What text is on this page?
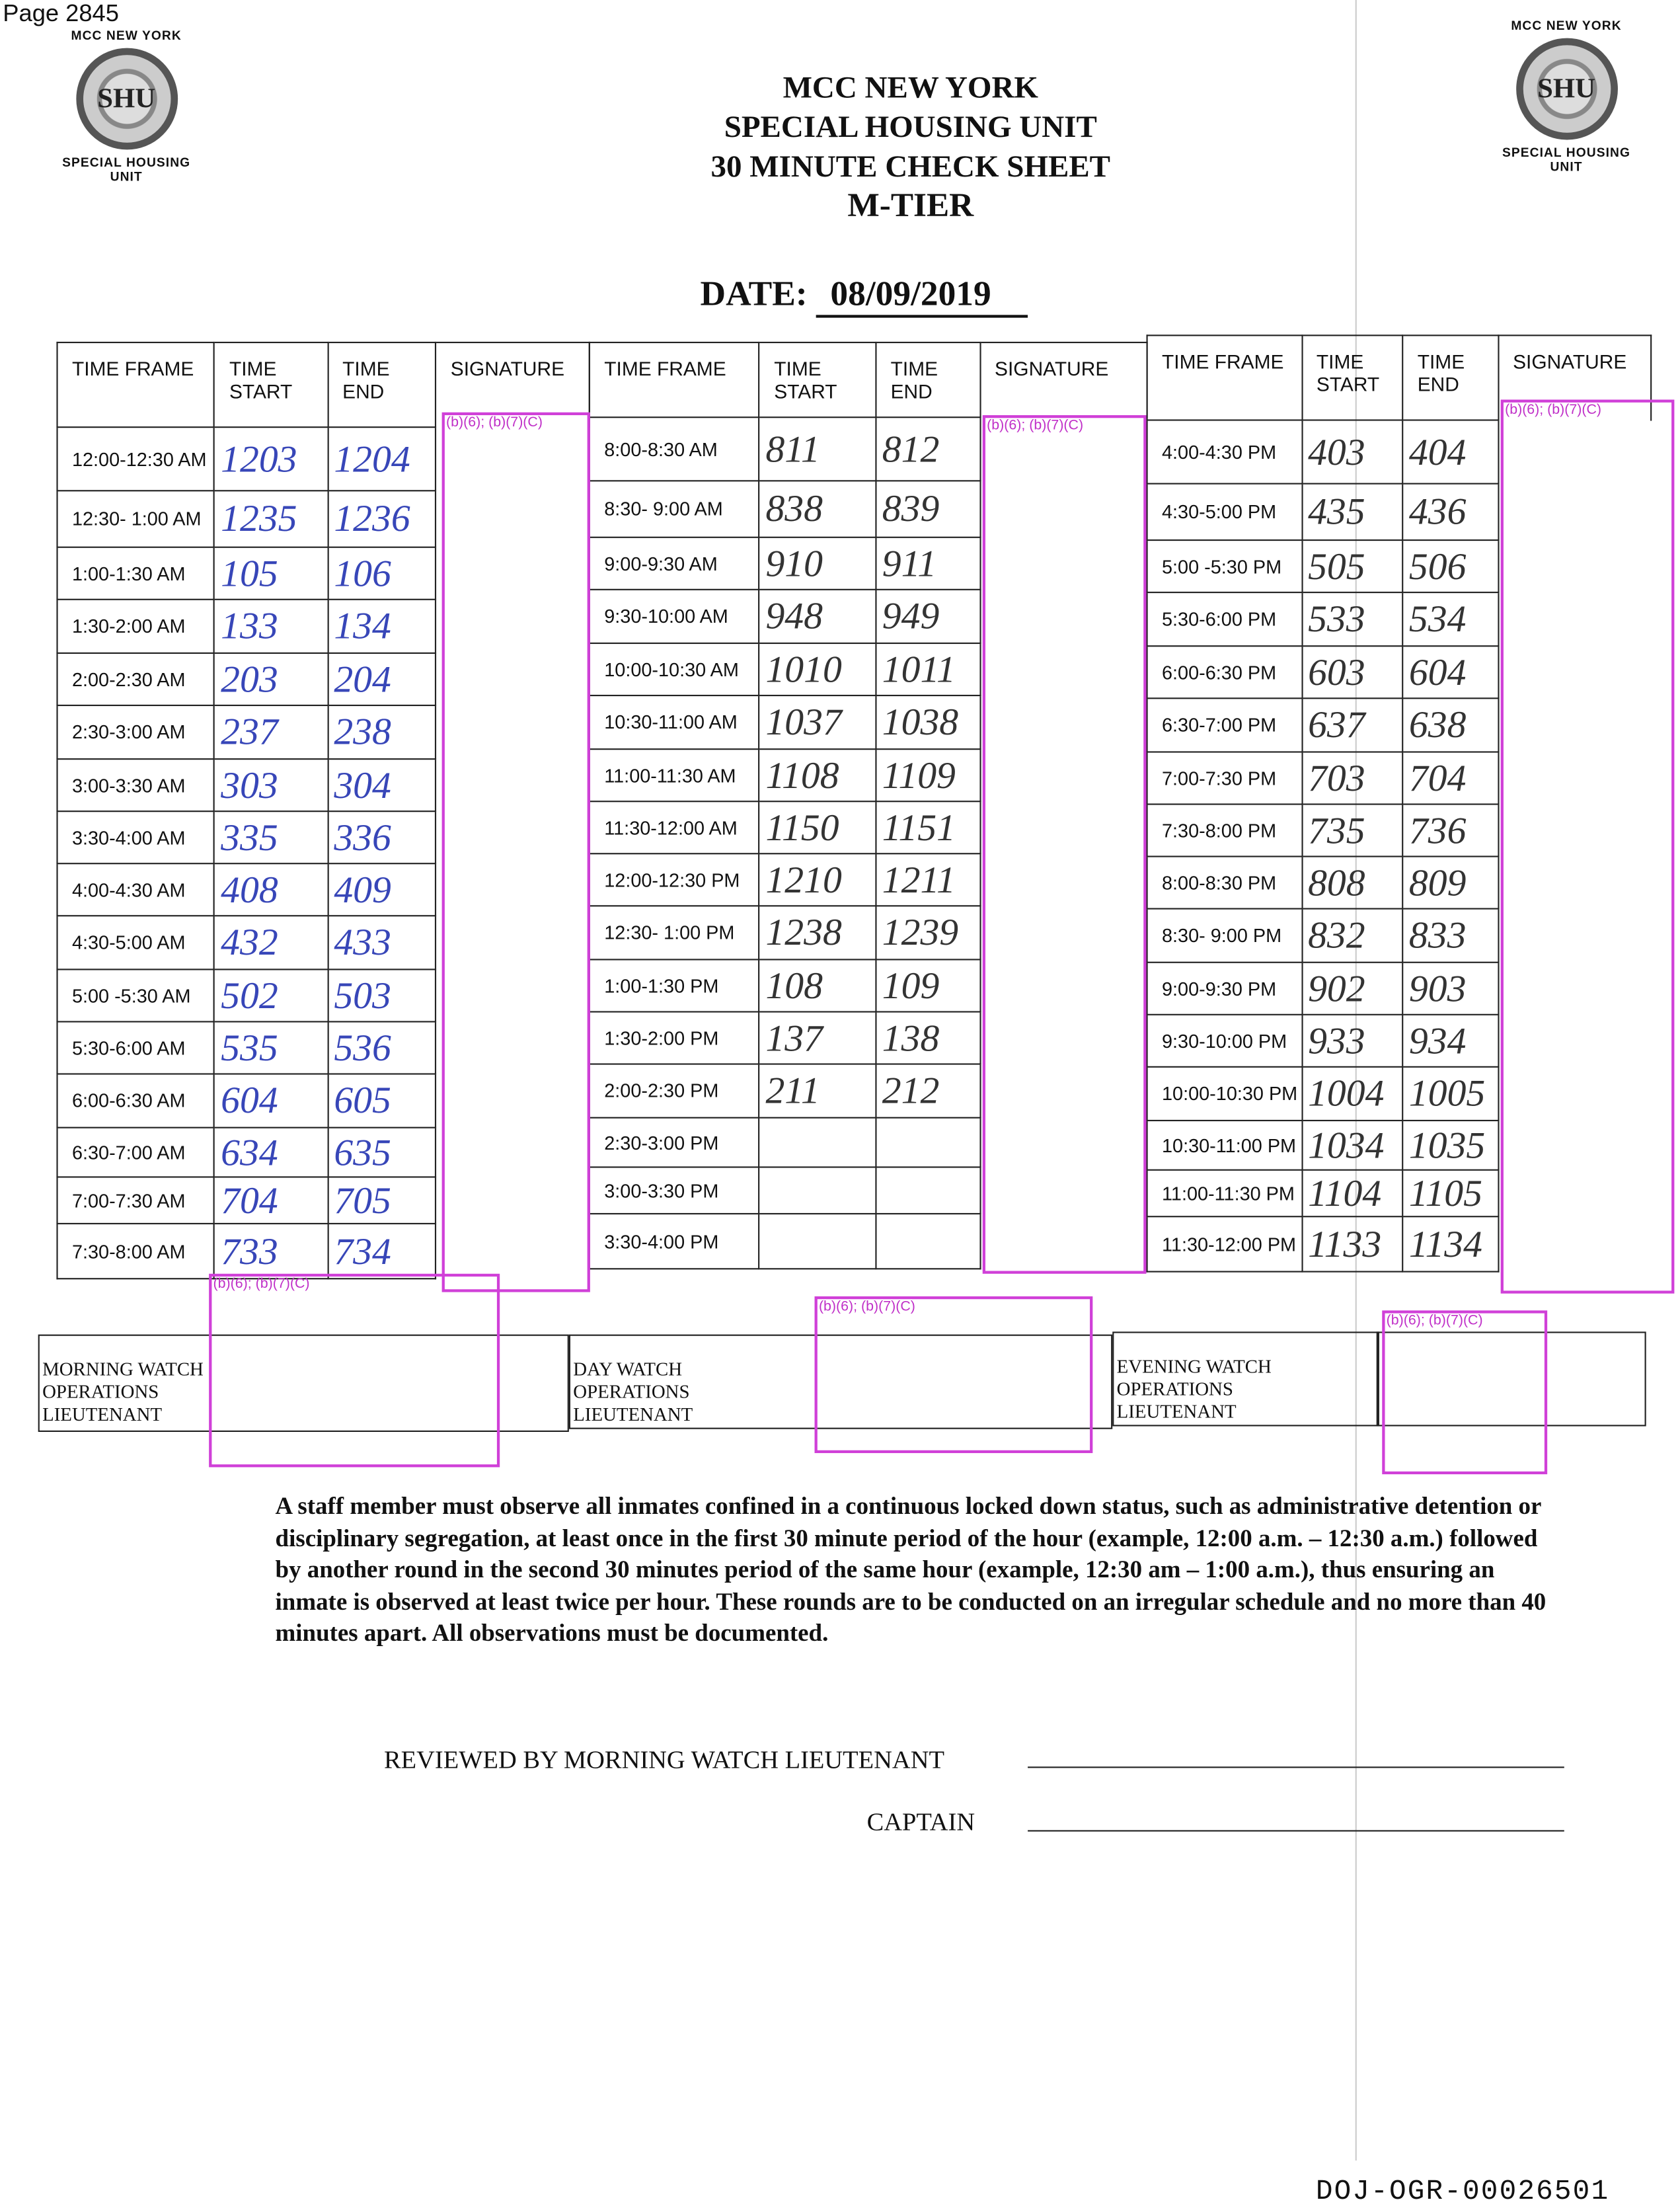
Page 2845
MCC NEW YORK
SHU
SPECIAL HOUSING UNIT
MCC NEW YORK
SHU
SPECIAL HOUSING UNIT
MCC NEW YORK
SPECIAL HOUSING UNIT
30 MINUTE CHECK SHEET
M-TIER
DATE: 08/09/2019
TIME FRAME	TIME START	TIME END	SIGNATURE
12:00-12:30 AM	1203	1204	
12:30- 1:00 AM	1235	1236	
1:00-1:30 AM	105	106	
1:30-2:00 AM	133	134	
2:00-2:30 AM	203	204	
2:30-3:00 AM	237	238	
3:00-3:30 AM	303	304	
3:30-4:00 AM	335	336	
4:00-4:30 AM	408	409	
4:30-5:00 AM	432	433	
5:00 -5:30 AM	502	503	
5:30-6:00 AM	535	536	
6:00-6:30 AM	604	605	
6:30-7:00 AM	634	635	
7:00-7:30 AM	704	705	
7:30-8:00 AM	733	734	
TIME FRAME	TIME START	TIME END	SIGNATURE
8:00-8:30 AM	811	812	
8:30- 9:00 AM	838	839	
9:00-9:30 AM	910	911	
9:30-10:00 AM	948	949	
10:00-10:30 AM	1010	1011	
10:30-11:00 AM	1037	1038	
11:00-11:30 AM	1108	1109	
11:30-12:00 AM	1150	1151	
12:00-12:30 PM	1210	1211	
12:30- 1:00 PM	1238	1239	
1:00-1:30 PM	108	109	
1:30-2:00 PM	137	138	
2:00-2:30 PM	211	212	
2:30-3:00 PM			
3:00-3:30 PM			
3:30-4:00 PM			
TIME FRAME	TIME START	TIME END	SIGNATURE
4:00-4:30 PM	403	404	
4:30-5:00 PM	435	436	
5:00 -5:30 PM	505	506	
5:30-6:00 PM	533	534	
6:00-6:30 PM	603	604	
6:30-7:00 PM	637	638	
7:00-7:30 PM	703	704	
7:30-8:00 PM	735	736	
8:00-8:30 PM	808	809	
8:30- 9:00 PM	832	833	
9:00-9:30 PM	902	903	
9:30-10:00 PM	933	934	
10:00-10:30 PM	1004	1005	
10:30-11:00 PM	1034	1035	
11:00-11:30 PM	1104	1105	
11:30-12:00 PM	1133	1134	
(b)(6); (b)(7)(C)	(b)(6); (b)(7)(C)
(b)(6); (b)(7)(C)
MORNING WATCH OPERATIONS LIEUTENANT
DAY WATCH OPERATIONS LIEUTENANT
EVENING WATCH OPERATIONS LIEUTENANT
(b)(6); (b)(7)(C)
(b)(6); (b)(7)(C)
(b)(6); (b)(7)(C)
A staff member must observe all inmates confined in a continuous locked down status, such as administrative detention or disciplinary segregation, at least once in the first 30 minute period of the hour (example, 12:00 a.m. – 12:30 a.m.) followed by another round in the second 30 minutes period of the same hour (example, 12:30 am – 1:00 a.m.), thus ensuring an inmate is observed at least twice per hour. These rounds are to be conducted on an irregular schedule and no more than 40 minutes apart. All observations must be documented.
REVIEWED BY MORNING WATCH LIEUTENANT
CAPTAIN
DOJ-OGR-00026501
